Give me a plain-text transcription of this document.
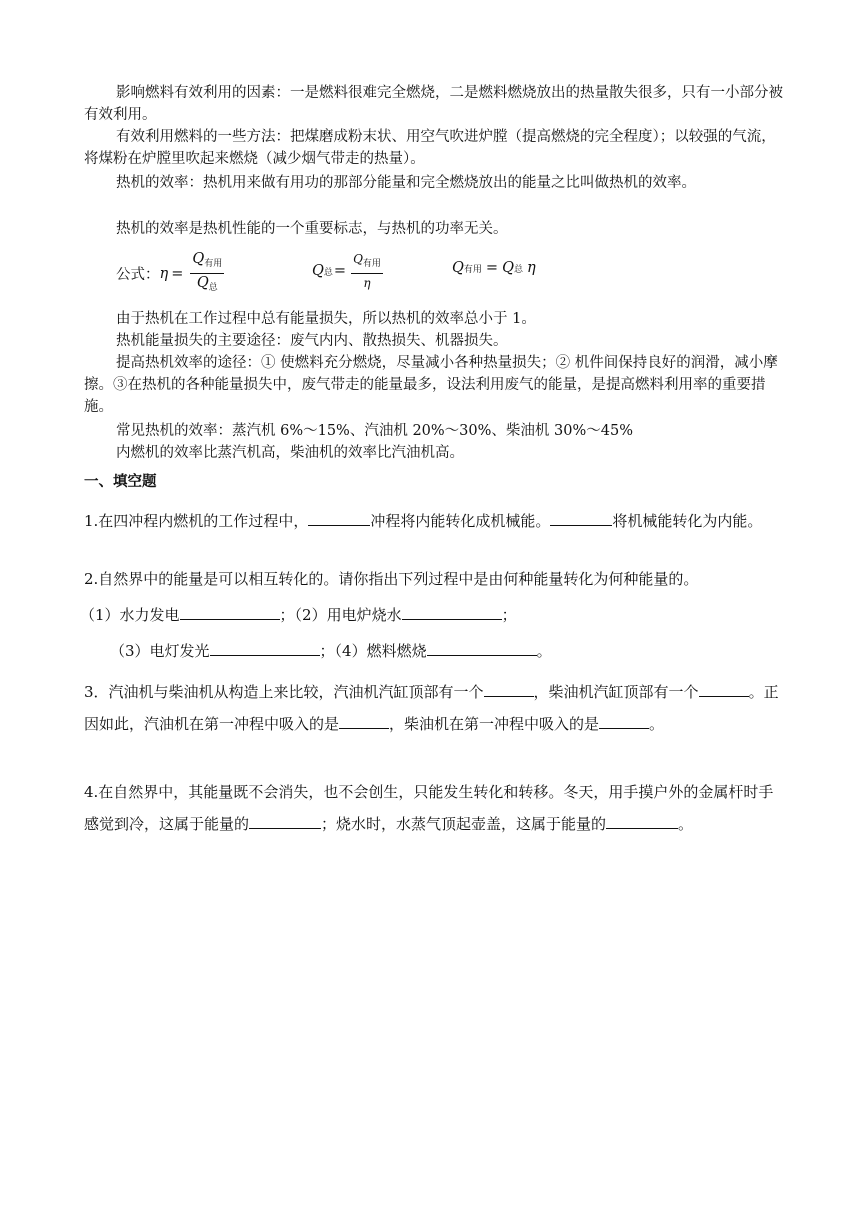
影响燃料有效利用的因素：一是燃料很难完全燃烧，二是燃料燃烧放出的热量散失很多，只有一小部分被有效利用。

有效利用燃料的一些方法：把煤磨成粉末状、用空气吹进炉膛（提高燃烧的完全程度）；以较强的气流，将煤粉在炉膛里吹起来燃烧（减少烟气带走的热量）。

热机的效率：热机用来做有用功的那部分能量和完全燃烧放出的能量之比叫做热机的效率。

热机的效率是热机性能的一个重要标志，与热机的功率无关。

公式： $\eta = \frac{Q_{有用}}{Q_总}$	Q 总 = $\frac{Q_{有用}}{\eta}$	Q 有用 = Q 总 η

由于热机在工作过程中总有能量损失，所以热机的效率总小于 1。

热机能量损失的主要途径：废气内内、散热损失、机器损失。

提高热机效率的途径：① 使燃料充分燃烧，尽量减小各种热量损失；② 机件间保持良好的润滑，减小摩擦。③在热机的各种能量损失中，废气带走的能量最多，设法利用废气的能量，是提高燃料利用率的重要措施。

常见热机的效率：蒸汽机 6%～15%、汽油机 20%～30%、柴油机 30%～45%

内燃机的效率比蒸汽机高，柴油机的效率比汽油机高。

一、填空题

1.在四冲程内燃机的工作过程中，	冲程将内能转化成机械能。	将机械能转化为内能。

2.自然界中的能量是可以相互转化的。请你指出下列过程中是由何种能量转化为何种能量的。

（1）水力发电	；（2）用电炉烧水	；

（3）电灯发光	；（4）燃料燃烧	。

3．汽油机与柴油机从构造上来比较，汽油机汽缸顶部有一个	，柴油机汽缸顶部有一个	。正因如此，汽油机在第一冲程中吸入的是	，柴油机在第一冲程中吸入的是	。

4.在自然界中，其能量既不会消失，也不会创生，只能发生转化和转移。冬天，用手摸户外的金属杆时手感觉到冷，这属于能量的	；烧水时，水蒸气顶起壶盖，这属于能量的	。
